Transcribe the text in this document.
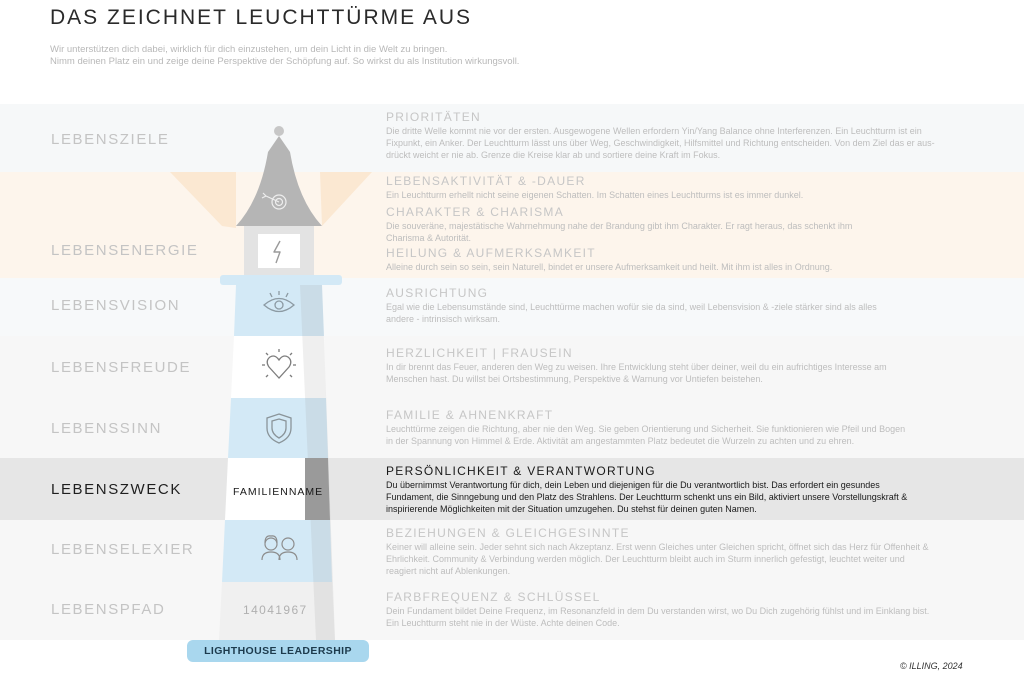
DAS ZEICHNET LEUCHTTÜRME AUS
Wir unterstützen dich dabei, wirklich für dich einzustehen, um dein Licht in die Welt zu bringen.
Nimm deinen Platz ein und zeige deine Perspektive der Schöpfung auf. So wirkst du als Institution wirkungsvoll.
FAMILIENNAME
14041967
LEBENSZIELE
LEBENSENERGIE
LEBENSVISION
LEBENSFREUDE
LEBENSSINN
LEBENSZWECK
LEBENSELEXIER
LEBENSPFAD
PRIORITÄTEN
Die dritte Welle kommt nie vor der ersten. Ausgewogene Wellen erfordern Yin/Yang Balance ohne Interferenzen. Ein Leuchtturm ist ein
Fixpunkt, ein Anker. Der Leuchtturm lässt uns über Weg, Geschwindigkeit, Hilfsmittel und Richtung entscheiden. Von dem Ziel das er aus-
drückt weicht er nie ab. Grenze die Kreise klar ab und sortiere deine Kraft im Fokus.
LEBENSAKTIVITÄT & -DAUER
Ein Leuchtturm erhellt nicht seine eigenen Schatten. Im Schatten eines Leuchtturms ist es immer dunkel.
CHARAKTER & CHARISMA
Die souveräne, majestätische Wahrnehmung nahe der Brandung gibt ihm Charakter. Er ragt heraus, das schenkt ihm
Charisma & Autorität.
HEILUNG & AUFMERKSAMKEIT
Alleine durch sein so sein, sein Naturell, bindet er unsere Aufmerksamkeit und heilt. Mit ihm ist alles in Ordnung.
AUSRICHTUNG
Egal wie die Lebensumstände sind, Leuchttürme machen wofür sie da sind, weil Lebensvision & -ziele stärker sind als alles
andere - intrinsisch wirksam.
HERZLICHKEIT | FRAUSEIN
In dir brennt das Feuer, anderen den Weg zu weisen. Ihre Entwicklung steht über deiner, weil du ein aufrichtiges Interesse am
Menschen hast. Du willst bei Ortsbestimmung, Perspektive & Warnung vor Untiefen beistehen.
FAMILIE & AHNENKRAFT
Leuchttürme zeigen die Richtung, aber nie den Weg. Sie geben Orientierung und Sicherheit. Sie funktionieren wie Pfeil und Bogen
in der Spannung von Himmel & Erde. Aktivität am angestammten Platz bedeutet die Wurzeln zu achten und zu ehren.
PERSÖNLICHKEIT & VERANTWORTUNG
Du übernimmst Verantwortung für dich, dein Leben und diejenigen für die Du verantwortlich bist. Das erfordert ein gesundes
Fundament, die Sinngebung und den Platz des Strahlens. Der Leuchtturm schenkt uns ein Bild, aktiviert unsere Vorstellungskraft &
inspirierende Möglichkeiten mit der Situation umzugehen. Du stehst für deinen guten Namen.
BEZIEHUNGEN & GLEICHGESINNTE
Keiner will alleine sein. Jeder sehnt sich nach Akzeptanz. Erst wenn Gleiches unter Gleichen spricht, öffnet sich das Herz für Offenheit &
Ehrlichkeit. Community & Verbindung werden möglich. Der Leuchtturm bleibt auch im Sturm innerlich gefestigt, leuchtet weiter und
reagiert nicht auf Ablenkungen.
FARBFREQUENZ & SCHLÜSSEL
Dein Fundament bildet Deine Frequenz, im Resonanzfeld in dem Du verstanden wirst, wo Du Dich zugehörig fühlst und im Einklang bist.
Ein Leuchtturm steht nie in der Wüste. Achte deinen Code.
LIGHTHOUSE LEADERSHIP
© ILLING, 2024
